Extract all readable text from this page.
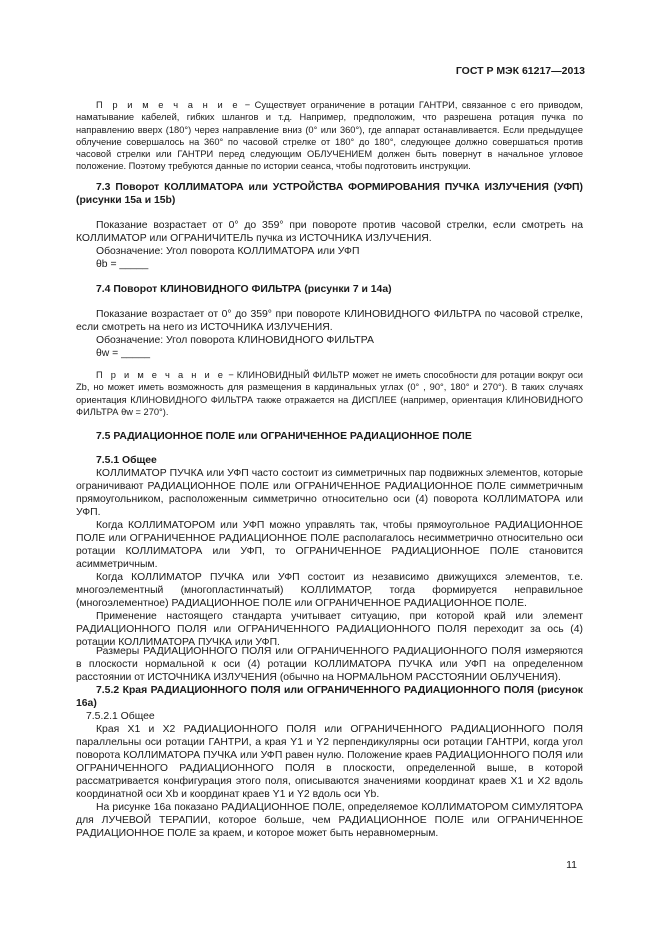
ГОСТ Р МЭК 61217—2013
П р и м е ч а н и е − Существует ограничение в ротации ГАНТРИ, связанное с его приводом, наматывание кабелей, гибких шлангов и т.д. Например, предположим, что разрешена ротация пучка по направлению вверх (180°) через направление вниз (0° или 360°), где аппарат останавливается. Если предыдущее облучение совершалось на 360° по часовой стрелке от 180° до 180°, следующее должно совершаться против часовой стрелки или ГАНТРИ перед следующим ОБЛУЧЕНИЕМ должен быть повернут в начальное угловое положение. Поэтому требуются данные по истории сеанса, чтобы подготовить инструкции.
7.3 Поворот КОЛЛИМАТОРА или УСТРОЙСТВА ФОРМИРОВАНИЯ ПУЧКА ИЗЛУЧЕНИЯ (УФП) (рисунки 15а и 15b)
Показание возрастает от 0° до 359° при повороте против часовой стрелки, если смотреть на КОЛЛИМАТОР или ОГРАНИЧИТЕЛЬ пучка из ИСТОЧНИКА ИЗЛУЧЕНИЯ.
Обозначение: Угол поворота КОЛЛИМАТОРА или УФП
θb = _____
7.4 Поворот КЛИНОВИДНОГО ФИЛЬТРА (рисунки 7 и 14а)
Показание возрастает от 0° до 359° при повороте КЛИНОВИДНОГО ФИЛЬТРА по часовой стрелке, если смотреть на него из ИСТОЧНИКА ИЗЛУЧЕНИЯ.
Обозначение: Угол поворота КЛИНОВИДНОГО ФИЛЬТРА
θw = _____
П р и м е ч а н и е − КЛИНОВИДНЫЙ ФИЛЬТР может не иметь способности для ротации вокруг оси Zb, но может иметь возможность для размещения в кардинальных углах (0° , 90°, 180° и 270°). В таких случаях ориентация КЛИНОВИДНОГО ФИЛЬТРА также отражается на ДИСПЛЕЕ (например, ориентация КЛИНОВИДНОГО ФИЛЬТРА θw = 270°).
7.5 РАДИАЦИОННОЕ ПОЛЕ или ОГРАНИЧЕННОЕ РАДИАЦИОННОЕ ПОЛЕ
7.5.1 Общее
КОЛЛИМАТОР ПУЧКА или УФП часто состоит из симметричных пар подвижных элементов, которые ограничивают РАДИАЦИОННОЕ ПОЛЕ или ОГРАНИЧЕННОЕ РАДИАЦИОННОЕ ПОЛЕ симметричным прямоугольником, расположенным симметрично относительно оси (4) поворота КОЛЛИМАТОРА или УФП.
Когда КОЛЛИМАТОРОМ или УФП можно управлять так, чтобы прямоугольное РАДИАЦИОННОЕ ПОЛЕ или ОГРАНИЧЕННОЕ РАДИАЦИОННОЕ ПОЛЕ располагалось несимметрично относительно оси ротации КОЛЛИМАТОРА или УФП, то ОГРАНИЧЕННОЕ РАДИАЦИОННОЕ ПОЛЕ становится асимметричным.
Когда КОЛЛИМАТОР ПУЧКА или УФП состоит из независимо движущихся элементов, т.е. многоэлементный (многопластинчатый) КОЛЛИМАТОР, тогда формируется неправильное (многоэлементное) РАДИАЦИОННОЕ ПОЛЕ или ОГРАНИЧЕННОЕ РАДИАЦИОННОЕ ПОЛЕ.
Применение настоящего стандарта учитывает ситуацию, при которой край или элемент РАДИАЦИОННОГО ПОЛЯ или ОГРАНИЧЕННОГО РАДИАЦИОННОГО ПОЛЯ переходит за ось (4) ротации КОЛЛИМАТОРА ПУЧКА или УФП.
Размеры РАДИАЦИОННОГО ПОЛЯ или ОГРАНИЧЕННОГО РАДИАЦИОННОГО ПОЛЯ измеряются в плоскости нормальной к оси (4) ротации КОЛЛИМАТОРА ПУЧКА или УФП на определенном расстоянии от ИСТОЧНИКА ИЗЛУЧЕНИЯ (обычно на НОРМАЛЬНОМ РАССТОЯНИИ ОБЛУЧЕНИЯ).
7.5.2 Края РАДИАЦИОННОГО ПОЛЯ или ОГРАНИЧЕННОГО РАДИАЦИОННОГО ПОЛЯ (рисунок 16а)
7.5.2.1 Общее
Края X1 и X2 РАДИАЦИОННОГО ПОЛЯ или ОГРАНИЧЕННОГО РАДИАЦИОННОГО ПОЛЯ параллельны оси ротации ГАНТРИ, а края Y1 и Y2 перпендикулярны оси ротации ГАНТРИ, когда угол поворота КОЛЛИМАТОРА ПУЧКА или УФП равен нулю. Положение краев РАДИАЦИОННОГО ПОЛЯ или ОГРАНИЧЕННОГО РАДИАЦИОННОГО ПОЛЯ в плоскости, определенной выше, в которой рассматривается конфигурация этого поля, описываются значениями координат краев X1 и X2 вдоль координатной оси Xb и координат краев Y1 и Y2 вдоль оси Yb.
На рисунке 16а показано РАДИАЦИОННОЕ ПОЛЕ, определяемое КОЛЛИМАТОРОМ СИМУЛЯТОРА для ЛУЧЕВОЙ ТЕРАПИИ, которое больше, чем РАДИАЦИОННОЕ ПОЛЕ или ОГРАНИЧЕННОЕ РАДИАЦИОННОЕ ПОЛЕ за краем, и которое может быть неравномерным.
11
